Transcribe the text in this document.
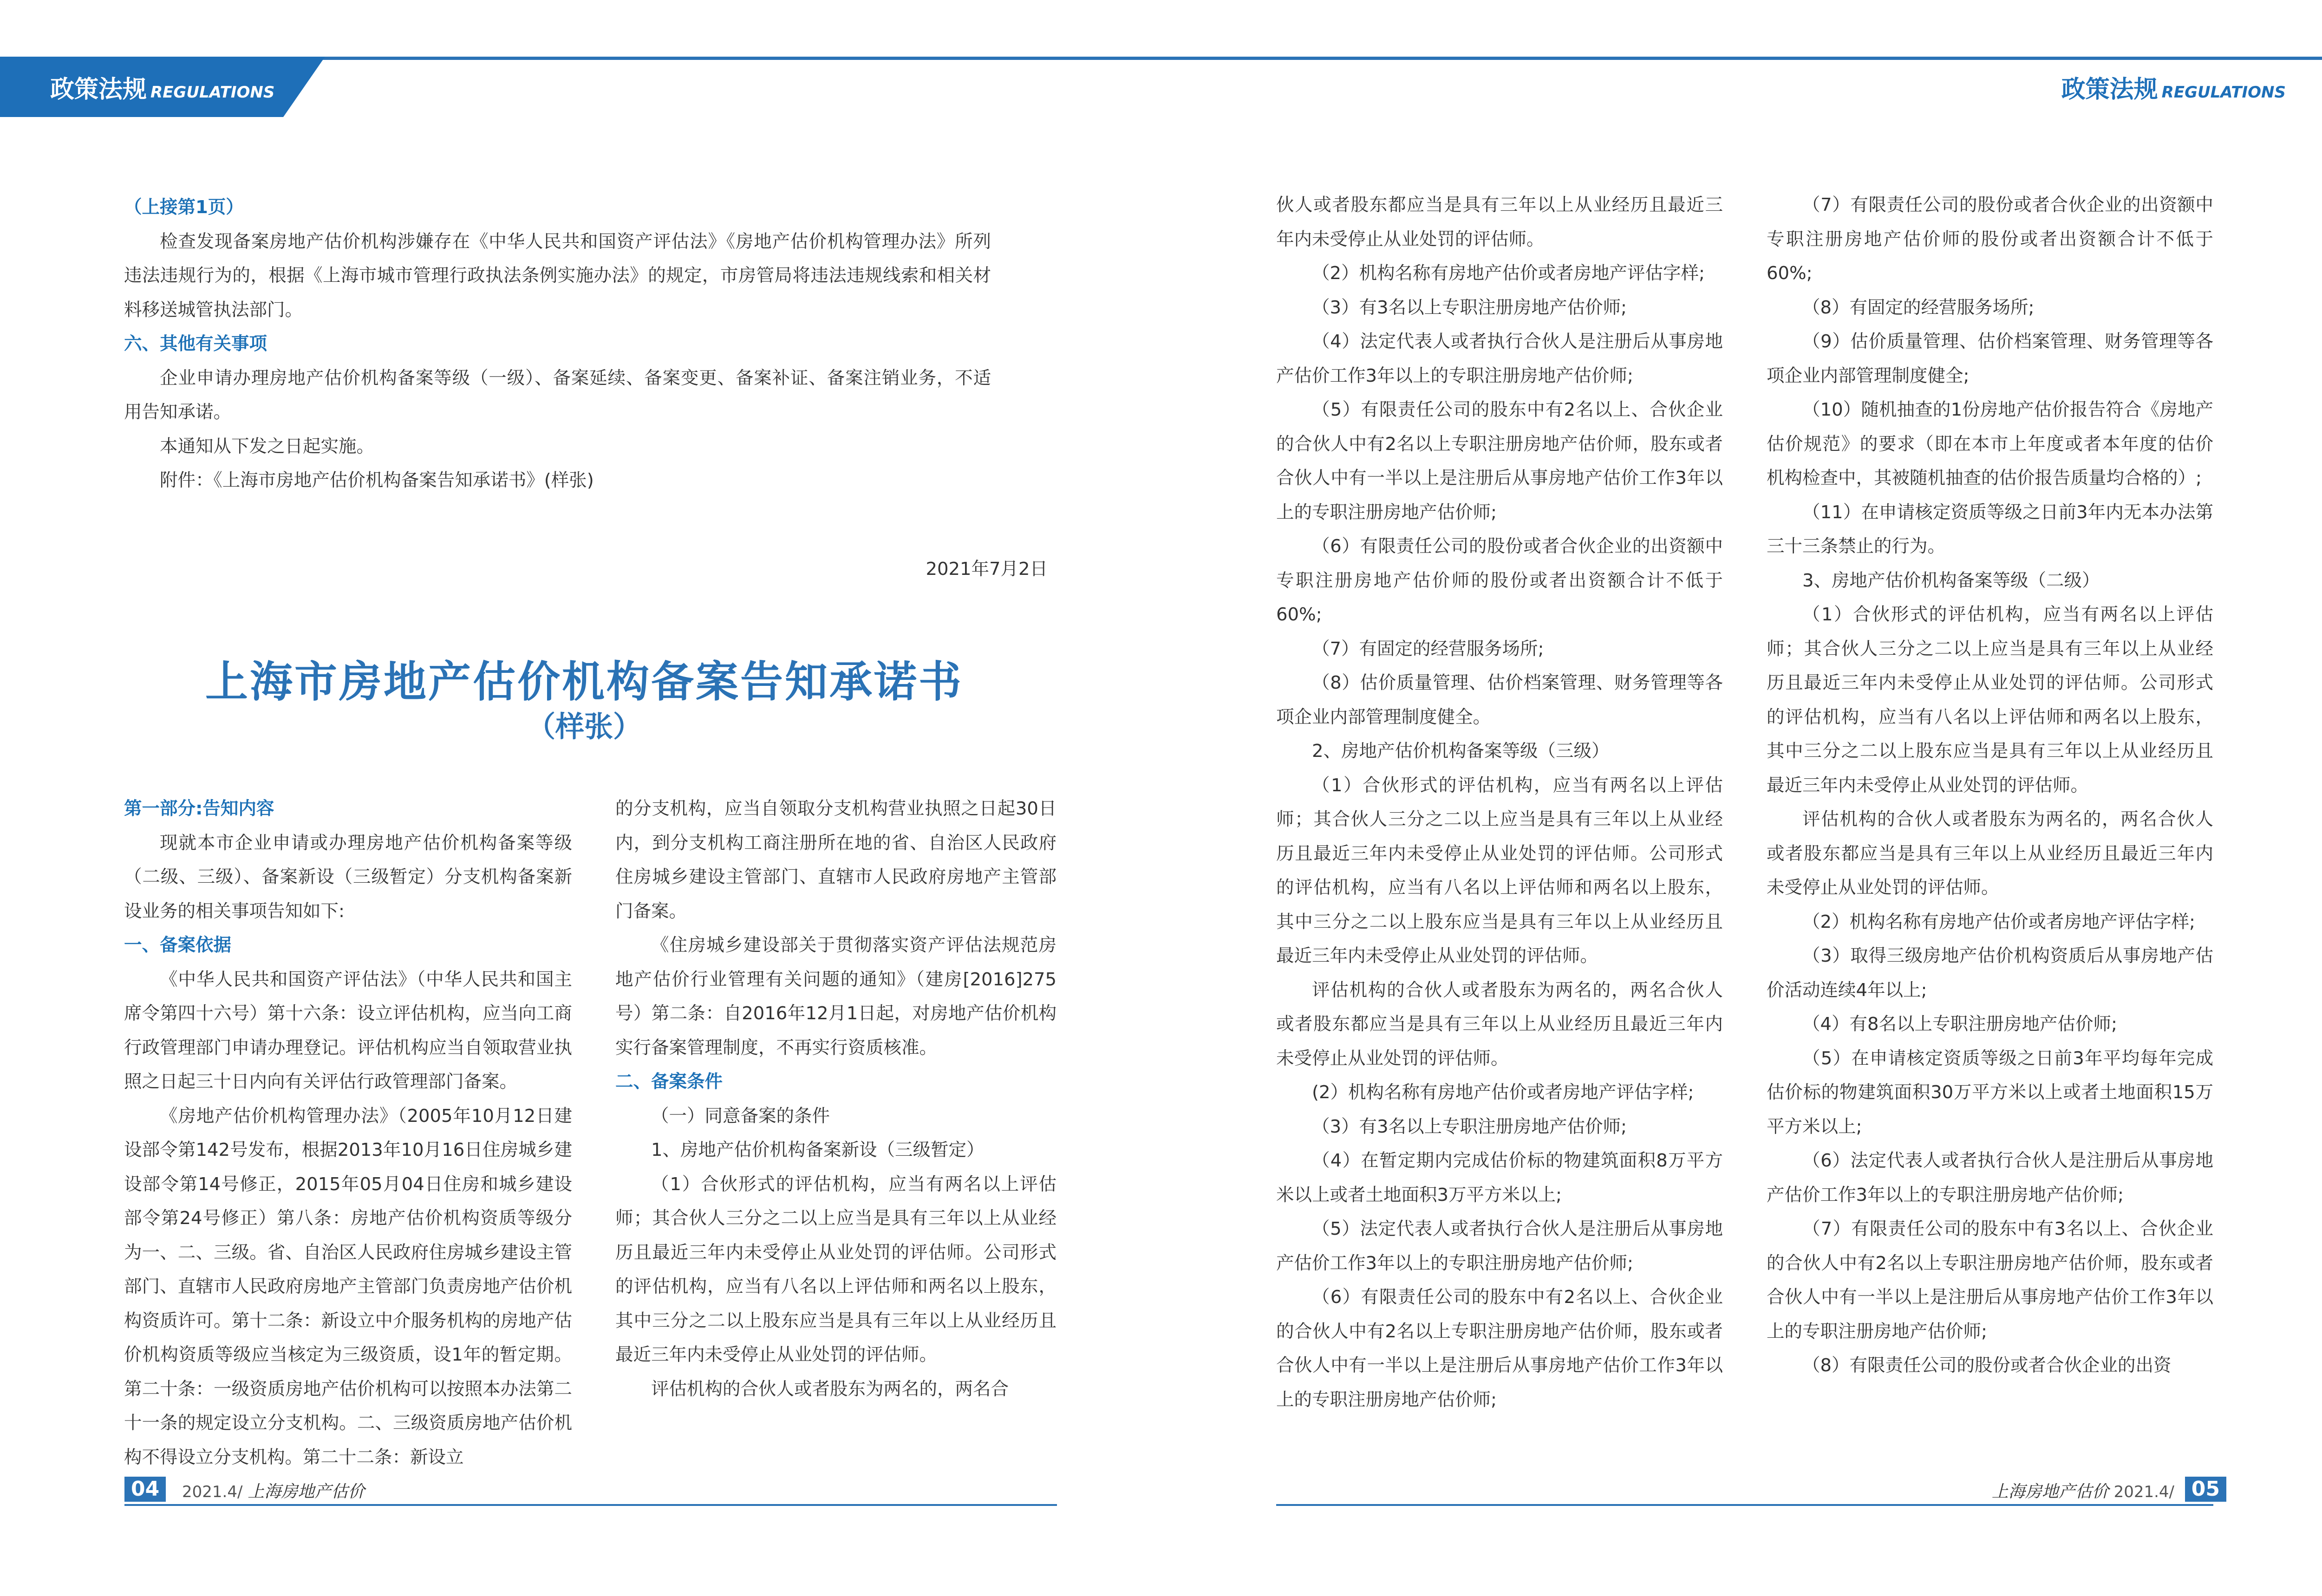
政策法规 REGULATIONS

（上接第1页）

检查发现备案房地产估价机构涉嫌存在《中华人民共和国资产评估法》《房地产估价机构管理办法》所列违法违规行为的，根据《上海市城市管理行政执法条例实施办法》的规定，市房管局将违法违规线索和相关材料移送城管执法部门。

六、其他有关事项

企业申请办理房地产估价机构备案等级（一级）、备案延续、备案变更、备案补证、备案注销业务，不适用告知承诺。

本通知从下发之日起实施。

附件：《上海市房地产估价机构备案告知承诺书》(样张)

2021年7月2日
上海市房地产估价机构备案告知承诺书
（样张）

第一部分:告知内容

现就本市企业申请或办理房地产估价机构备案等级（二级、三级）、备案新设（三级暂定）分支机构备案新设业务的相关事项告知如下:

一、备案依据

《中华人民共和国资产评估法》（中华人民共和国主席令第四十六号）第十六条：设立评估机构，应当向工商行政管理部门申请办理登记。评估机构应当自领取营业执照之日起三十日内向有关评估行政管理部门备案。

《房地产估价机构管理办法》（2005年10月12日建设部令第142号发布，根据2013年10月16日住房城乡建设部令第14号修正，2015年05月04日住房和城乡建设部令第24号修正）第八条：房地产估价机构资质等级分为一、二、三级。省、自治区人民政府住房城乡建设主管部门、直辖市人民政府房地产主管部门负责房地产估价机构资质许可。第十二条：新设立中介服务机构的房地产估价机构资质等级应当核定为三级资质，设1年的暂定期。第二十条：一级资质房地产估价机构可以按照本办法第二十一条的规定设立分支机构。二、三级资质房地产估价机构不得设立分支机构。第二十二条：新设立

的分支机构，应当自领取分支机构营业执照之日起30日内，到分支机构工商注册所在地的省、自治区人民政府住房城乡建设主管部门、直辖市人民政府房地产主管部门备案。

《住房城乡建设部关于贯彻落实资产评估法规范房地产估价行业管理有关问题的通知》（建房[2016]275号）第二条：自2016年12月1日起，对房地产估价机构实行备案管理制度，不再实行资质核准。

二、备案条件

（一）同意备案的条件

1、房地产估价机构备案新设（三级暂定）

（1）合伙形式的评估机构，应当有两名以上评估师；其合伙人三分之二以上应当是具有三年以上从业经历且最近三年内未受停止从业处罚的评估师。公司形式的评估机构，应当有八名以上评估师和两名以上股东，其中三分之二以上股东应当是具有三年以上从业经历且最近三年内未受停止从业处罚的评估师。

评估机构的合伙人或者股东为两名的，两名合

04	2021.4/ 上海房地产估价
政策法规 REGULATIONS

伙人或者股东都应当是具有三年以上从业经历且最近三年内未受停止从业处罚的评估师。

（2）机构名称有房地产估价或者房地产评估字样;

（3）有3名以上专职注册房地产估价师;

（4）法定代表人或者执行合伙人是注册后从事房地产估价工作3年以上的专职注册房地产估价师;

（5）有限责任公司的股东中有2名以上、合伙企业的合伙人中有2名以上专职注册房地产估价师，股东或者合伙人中有一半以上是注册后从事房地产估价工作3年以上的专职注册房地产估价师;

（6）有限责任公司的股份或者合伙企业的出资额中专职注册房地产估价师的股份或者出资额合计不低于60%;

（7）有固定的经营服务场所;

（8）估价质量管理、估价档案管理、财务管理等各项企业内部管理制度健全。

2、房地产估价机构备案等级（三级）

（1）合伙形式的评估机构，应当有两名以上评估师；其合伙人三分之二以上应当是具有三年以上从业经历且最近三年内未受停止从业处罚的评估师。公司形式的评估机构，应当有八名以上评估师和两名以上股东，其中三分之二以上股东应当是具有三年以上从业经历且最近三年内未受停止从业处罚的评估师。

评估机构的合伙人或者股东为两名的，两名合伙人或者股东都应当是具有三年以上从业经历且最近三年内未受停止从业处罚的评估师。

(2）机构名称有房地产估价或者房地产评估字样;

（3）有3名以上专职注册房地产估价师;

（4）在暂定期内完成估价标的物建筑面积8万平方米以上或者土地面积3万平方米以上;

（5）法定代表人或者执行合伙人是注册后从事房地产估价工作3年以上的专职注册房地产估价师;

（6）有限责任公司的股东中有2名以上、合伙企业的合伙人中有2名以上专职注册房地产估价师，股东或者合伙人中有一半以上是注册后从事房地产估价工作3年以上的专职注册房地产估价师;

（7）有限责任公司的股份或者合伙企业的出资额中专职注册房地产估价师的股份或者出资额合计不低于60%;

（8）有固定的经营服务场所;

（9）估价质量管理、估价档案管理、财务管理等各项企业内部管理制度健全;

（10）随机抽查的1份房地产估价报告符合《房地产估价规范》的要求（即在本市上年度或者本年度的估价机构检查中，其被随机抽查的估价报告质量均合格的）;

（11）在申请核定资质等级之日前3年内无本办法第三十三条禁止的行为。

3、房地产估价机构备案等级（二级）

（1）合伙形式的评估机构，应当有两名以上评估师；其合伙人三分之二以上应当是具有三年以上从业经历且最近三年内未受停止从业处罚的评估师。公司形式的评估机构，应当有八名以上评估师和两名以上股东，其中三分之二以上股东应当是具有三年以上从业经历且最近三年内未受停止从业处罚的评估师。

评估机构的合伙人或者股东为两名的，两名合伙人或者股东都应当是具有三年以上从业经历且最近三年内未受停止从业处罚的评估师。

（2）机构名称有房地产估价或者房地产评估字样;

（3）取得三级房地产估价机构资质后从事房地产估价活动连续4年以上;

（4）有8名以上专职注册房地产估价师;

（5）在申请核定资质等级之日前3年平均每年完成估价标的物建筑面积30万平方米以上或者土地面积15万平方米以上;

（6）法定代表人或者执行合伙人是注册后从事房地产估价工作3年以上的专职注册房地产估价师;

（7）有限责任公司的股东中有3名以上、合伙企业的合伙人中有2名以上专职注册房地产估价师，股东或者合伙人中有一半以上是注册后从事房地产估价工作3年以上的专职注册房地产估价师;

（8）有限责任公司的股份或者合伙企业的出资

上海房地产估价 2021.4/ 05
